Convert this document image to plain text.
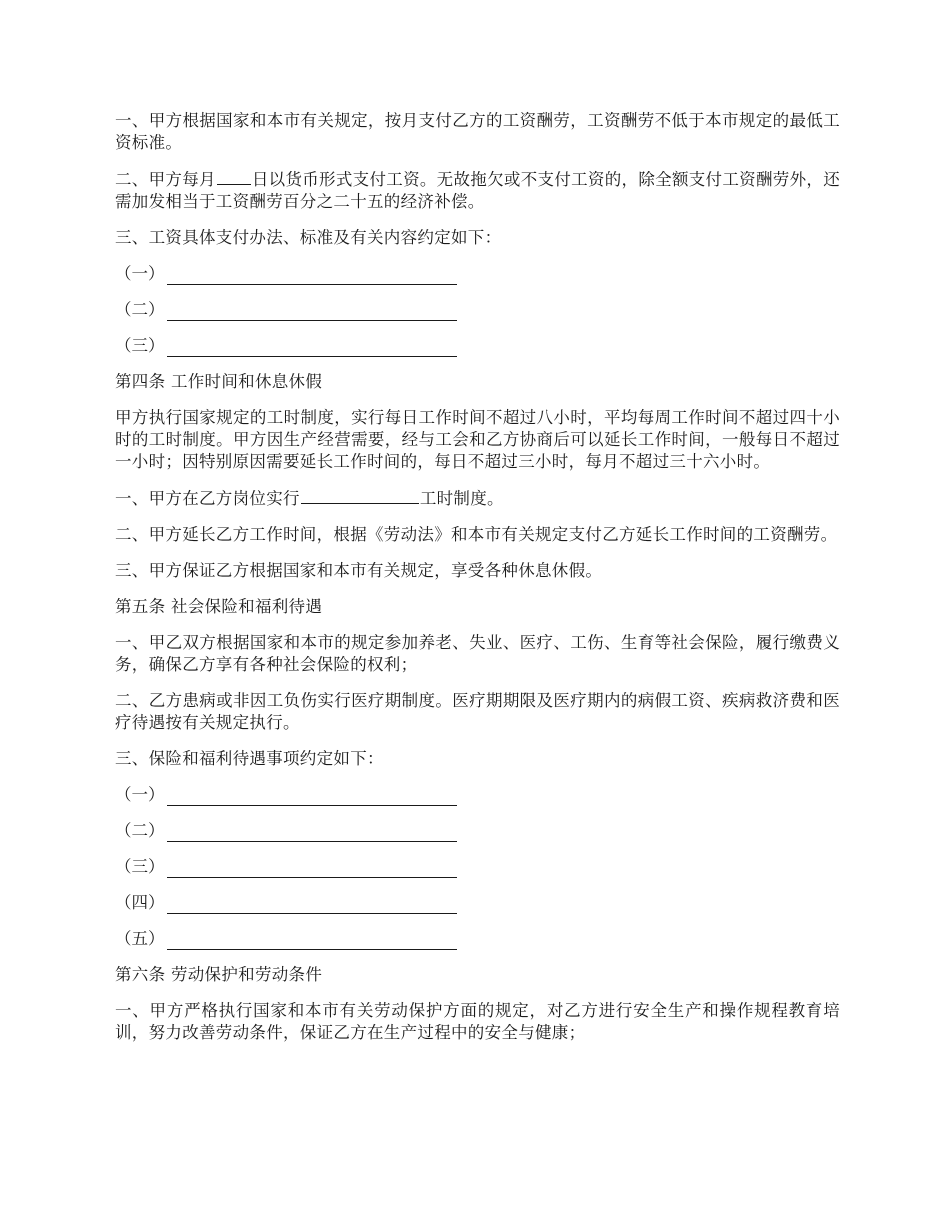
一、甲方根据国家和本市有关规定，按月支付乙方的工资酬劳，工资酬劳不低于本市规定的最低工资标准。

二、甲方每月 日以货币形式支付工资。无故拖欠或不支付工资的，除全额支付工资酬劳外，还需加发相当于工资酬劳百分之二十五的经济补偿。

三、工资具体支付办法、标准及有关内容约定如下：

（一）
（二）
（三）

第四条 工作时间和休息休假

甲方执行国家规定的工时制度，实行每日工作时间不超过八小时，平均每周工作时间不超过四十小时的工时制度。甲方因生产经营需要，经与工会和乙方协商后可以延长工作时间，一般每日不超过一小时；因特别原因需要延长工作时间的，每日不超过三小时，每月不超过三十六小时。

一、甲方在乙方岗位实行	工时制度。

二、甲方延长乙方工作时间，根据《劳动法》和本市有关规定支付乙方延长工作时间的工资酬劳。

三、甲方保证乙方根据国家和本市有关规定，享受各种休息休假。

第五条 社会保险和福利待遇

一、甲乙双方根据国家和本市的规定参加养老、失业、医疗、工伤、生育等社会保险，履行缴费义务，确保乙方享有各种社会保险的权利；

二、乙方患病或非因工负伤实行医疗期制度。医疗期期限及医疗期内的病假工资、疾病救济费和医疗待遇按有关规定执行。

三、保险和福利待遇事项约定如下：

（一）
（二）
（三）
（四）
（五）

第六条 劳动保护和劳动条件

一、甲方严格执行国家和本市有关劳动保护方面的规定，对乙方进行安全生产和操作规程教育培训，努力改善劳动条件，保证乙方在生产过程中的安全与健康；
